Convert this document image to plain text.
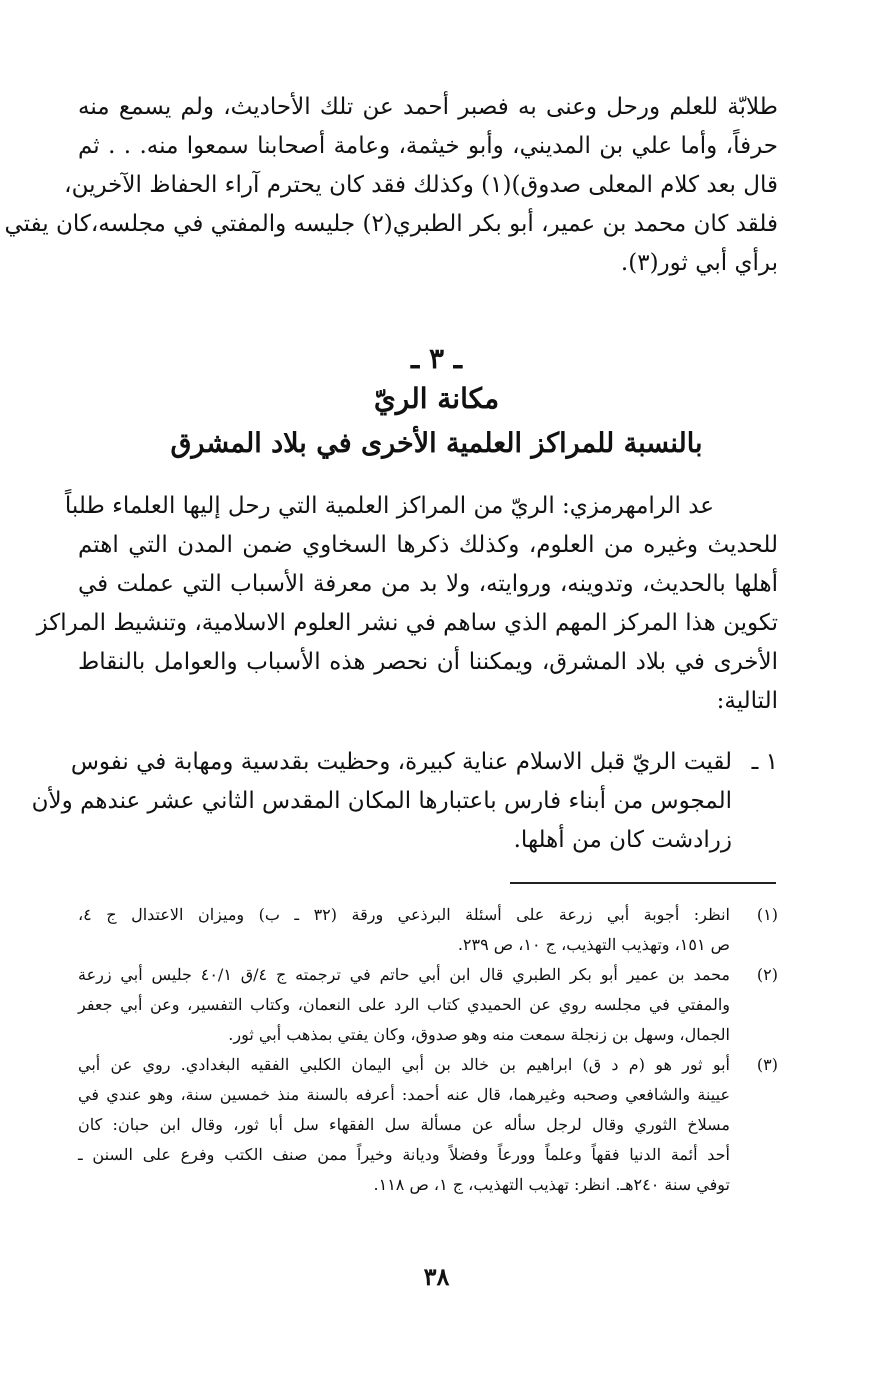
طلابّة للعلم ورحل وعنى به فصبر أحمد عن تلك الأحاديث، ولم يسمع منه
حرفاً، وأما علي بن المديني، وأبو خيثمة، وعامة أصحابنا سمعوا منه. . . ثم
قال بعد كلام المعلى صدوق)(١) وكذلك فقد كان يحترم آراء الحفاظ الآخرين،
فلقد كان محمد بن عمير، أبو بكر الطبري(٢) جليسه والمفتي في مجلسه،كان يفتي
برأي أبي ثور(٣).
ـ ٣ ـ
مكانة الريّ
بالنسبة للمراكز العلمية الأخرى في بلاد المشرق
عد الرامهرمزي: الريّ من المراكز العلمية التي رحل إليها العلماء طلباً
للحديث وغيره من العلوم، وكذلك ذكرها السخاوي ضمن المدن التي اهتم
أهلها بالحديث، وتدوينه، وروايته، ولا بد من معرفة الأسباب التي عملت في
تكوين هذا المركز المهم الذي ساهم في نشر العلوم الاسلامية، وتنشيط المراكز
الأخرى في بلاد المشرق، ويمكننا أن نحصر هذه الأسباب والعوامل بالنقاط
التالية:
١ ـ
لقيت الريّ قبل الاسلام عناية كبيرة، وحظيت بقدسية ومهابة في نفوس
المجوس من أبناء فارس باعتبارها المكان المقدس الثاني عشر عندهم ولأن
زرادشت كان من أهلها.
(١)
انظر: أجوبة أبي زرعة على أسئلة البرذعي ورقة (٣٢ ـ ب) وميزان الاعتدال ج ٤،
ص ١٥١، وتهذيب التهذيب، ج ١٠، ص ٢٣٩.
(٢)
محمد بن عمير أبو بكر الطبري قال ابن أبي حاتم في ترجمته ج ٤/ق ٤٠/١ جليس أبي زرعة
والمفتي في مجلسه روي عن الحميدي كتاب الرد على النعمان، وكتاب التفسير، وعن أبي جعفر
الجمال، وسهل بن زنجلة سمعت منه وهو صدوق، وكان يفتي بمذهب أبي ثور.
(٣)
أبو ثور هو (م د ق) ابراهيم بن خالد بن أبي اليمان الكلبي الفقيه البغدادي. روي عن أبي
عيينة والشافعي وصحبه وغيرهما، قال عنه أحمد: أعرفه بالسنة منذ خمسين سنة، وهو عندي في
مسلاخ الثوري وقال لرجل سأله عن مسألة سل الفقهاء سل أبا ثور، وقال ابن حبان: كان
أحد أئمة الدنيا فقهاً وعلماً وورعاً وفضلاً وديانة وخيراً ممن صنف الكتب وفرع على السنن ـ
توفي سنة ٢٤٠هـ. انظر: تهذيب التهذيب، ج ١، ص ١١٨.
٣٨
